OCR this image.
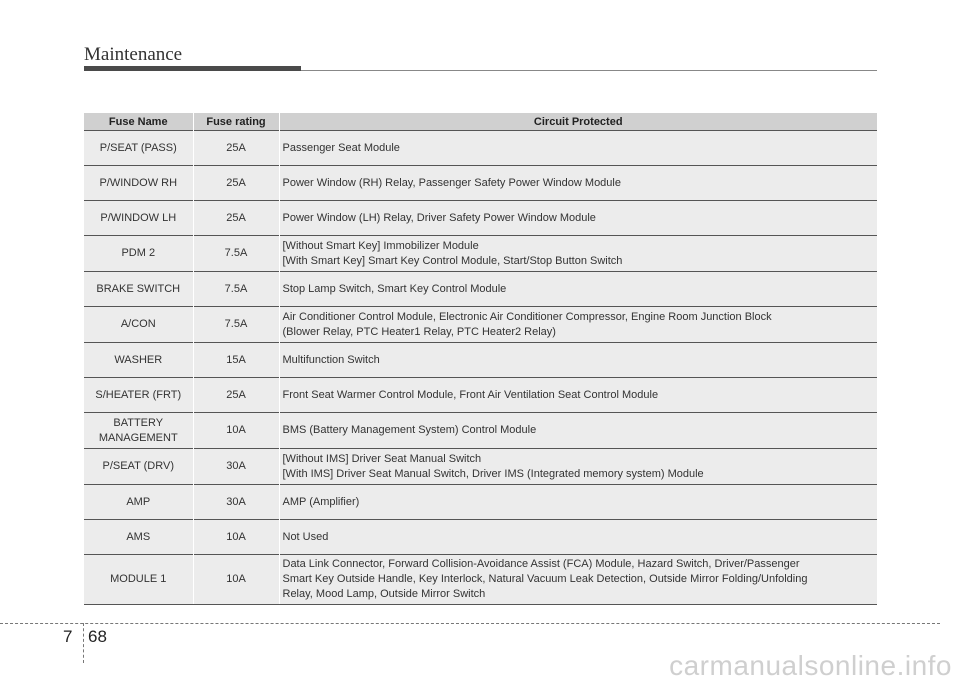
Maintenance
Fuse Name	Fuse rating	Circuit Protected

P/SEAT (PASS)	25A	Passenger Seat Module

P/WINDOW RH	25A	Power Window (RH) Relay, Passenger Safety Power Window Module

P/WINDOW LH	25A	Power Window (LH) Relay, Driver Safety Power Window Module

PDM 2	7.5A	[Without Smart Key] Immobilizer Module
[With Smart Key] Smart Key Control Module, Start/Stop Button Switch

BRAKE SWITCH	7.5A	Stop Lamp Switch, Smart Key Control Module

A/CON	7.5A	Air Conditioner Control Module, Electronic Air Conditioner Compressor, Engine Room Junction Block
(Blower Relay, PTC Heater1 Relay, PTC Heater2 Relay)

WASHER	15A	Multifunction Switch

S/HEATER (FRT)	25A	Front Seat Warmer Control Module, Front Air Ventilation Seat Control Module

BATTERY
MANAGEMENT	10A	BMS (Battery Management System) Control Module

P/SEAT (DRV)	30A	[Without IMS] Driver Seat Manual Switch
[With IMS] Driver Seat Manual Switch, Driver IMS (Integrated memory system) Module

AMP	30A	AMP (Amplifier)

AMS	10A	Not Used

MODULE 1	10A	Data Link Connector, Forward Collision-Avoidance Assist (FCA) Module, Hazard Switch, Driver/Passenger
Smart Key Outside Handle, Key Interlock, Natural Vacuum Leak Detection, Outside Mirror Folding/Unfolding
Relay, Mood Lamp, Outside Mirror Switch
7 68
carmanualsonline.info
